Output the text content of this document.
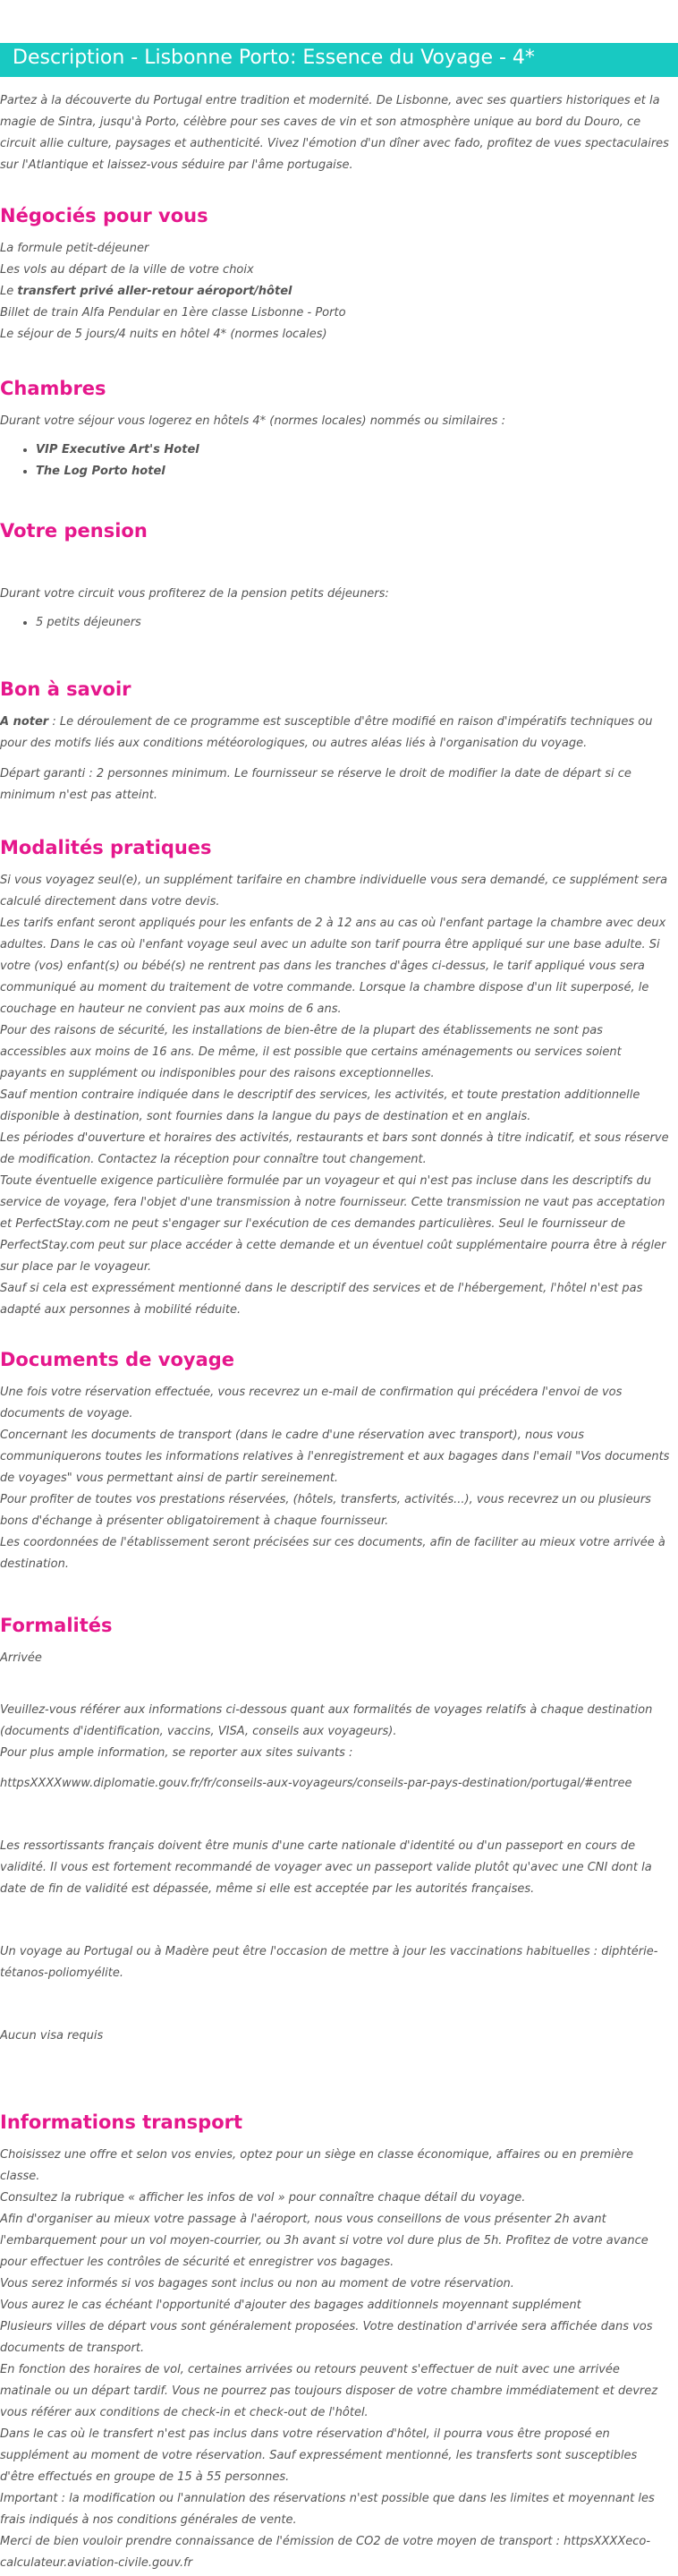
Description - Lisbonne Porto: Essence du Voyage - 4*

Partez à la découverte du Portugal entre tradition et modernité. De Lisbonne, avec ses quartiers historiques et la magie de Sintra, jusqu'à Porto, célèbre pour ses caves de vin et son atmosphère unique au bord du Douro, ce circuit allie culture, paysages et authenticité. Vivez l'émotion d'un dîner avec fado, profitez de vues spectaculaires sur l'Atlantique et laissez-vous séduire par l'âme portugaise.

Négociés pour vous
La formule petit-déjeuner
Les vols au départ de la ville de votre choix
Le transfert privé aller-retour aéroport/hôtel
Billet de train Alfa Pendular en 1ère classe Lisbonne - Porto
Le séjour de 5 jours/4 nuits en hôtel 4* (normes locales)
Chambres

Durant votre séjour vous logerez en hôtels 4* (normes locales) nommés ou similaires :

• VIP Executive Art's Hotel
• The Log Porto hotel
Votre pension

Durant votre circuit vous profiterez de la pension petits déjeuners:

• 5 petits déjeuners
Bon à savoir

A noter : Le déroulement de ce programme est susceptible d'être modifié en raison d'impératifs techniques ou pour des motifs liés aux conditions météorologiques, ou autres aléas liés à l'organisation du voyage.

Départ garanti : 2 personnes minimum. Le fournisseur se réserve le droit de modifier la date de départ si ce minimum n'est pas atteint.

Modalités pratiques

Si vous voyagez seul(e), un supplément tarifaire en chambre individuelle vous sera demandé, ce supplément sera calculé directement dans votre devis.

Les tarifs enfant seront appliqués pour les enfants de 2 à 12 ans au cas où l'enfant partage la chambre avec deux adultes. Dans le cas où l'enfant voyage seul avec un adulte son tarif pourra être appliqué sur une base adulte. Si votre (vos) enfant(s) ou bébé(s) ne rentrent pas dans les tranches d'âges ci-dessus, le tarif appliqué vous sera communiqué au moment du traitement de votre commande. Lorsque la chambre dispose d'un lit superposé, le couchage en hauteur ne convient pas aux moins de 6 ans.

Pour des raisons de sécurité, les installations de bien-être de la plupart des établissements ne sont pas accessibles aux moins de 16 ans. De même, il est possible que certains aménagements ou services soient payants en supplément ou indisponibles pour des raisons exceptionnelles.

Sauf mention contraire indiquée dans le descriptif des services, les activités, et toute prestation additionnelle disponible à destination, sont fournies dans la langue du pays de destination et en anglais.

Les périodes d'ouverture et horaires des activités, restaurants et bars sont donnés à titre indicatif, et sous réserve de modification. Contactez la réception pour connaître tout changement.

Toute éventuelle exigence particulière formulée par un voyageur et qui n'est pas incluse dans les descriptifs du service de voyage, fera l'objet d'une transmission à notre fournisseur. Cette transmission ne vaut pas acceptation et PerfectStay.com ne peut s'engager sur l'exécution de ces demandes particulières. Seul le fournisseur de PerfectStay.com peut sur place accéder à cette demande et un éventuel coût supplémentaire pourra être à régler sur place par le voyageur.

Sauf si cela est expressément mentionné dans le descriptif des services et de l'hébergement, l'hôtel n'est pas adapté aux personnes à mobilité réduite.

Documents de voyage

Une fois votre réservation effectuée, vous recevrez un e-mail de confirmation qui précédera l'envoi de vos documents de voyage.

Concernant les documents de transport (dans le cadre d'une réservation avec transport), nous vous communiquerons toutes les informations relatives à l'enregistrement et aux bagages dans l'email "Vos documents de voyages" vous permettant ainsi de partir sereinement.

Pour profiter de toutes vos prestations réservées, (hôtels, transferts, activités...), vous recevrez un ou plusieurs bons d'échange à présenter obligatoirement à chaque fournisseur.

Les coordonnées de l'établissement seront précisées sur ces documents, afin de faciliter au mieux votre arrivée à destination.

Formalités

Arrivée

Veuillez-vous référer aux informations ci-dessous quant aux formalités de voyages relatifs à chaque destination (documents d'identification, vaccins, VISA, conseils aux voyageurs).

Pour plus ample information, se reporter aux sites suivants :

httpsXXXXwww.diplomatie.gouv.fr/fr/conseils-aux-voyageurs/conseils-par-pays-destination/portugal/#entree

Les ressortissants français doivent être munis d'une carte nationale d'identité ou d'un passeport en cours de validité. Il vous est fortement recommandé de voyager avec un passeport valide plutôt qu'avec une CNI dont la date de fin de validité est dépassée, même si elle est acceptée par les autorités françaises.

Un voyage au Portugal ou à Madère peut être l'occasion de mettre à jour les vaccinations habituelles : diphtérie-tétanos-poliomyélite.

Aucun visa requis

Informations transport

Choisissez une offre et selon vos envies, optez pour un siège en classe économique, affaires ou en première classe.

Consultez la rubrique « afficher les infos de vol » pour connaître chaque détail du voyage.

Afin d'organiser au mieux votre passage à l'aéroport, nous vous conseillons de vous présenter 2h avant l'embarquement pour un vol moyen-courrier, ou 3h avant si votre vol dure plus de 5h. Profitez de votre avance pour effectuer les contrôles de sécurité et enregistrer vos bagages.

Vous serez informés si vos bagages sont inclus ou non au moment de votre réservation.

Vous aurez le cas échéant l'opportunité d'ajouter des bagages additionnels moyennant supplément

Plusieurs villes de départ vous sont généralement proposées. Votre destination d'arrivée sera affichée dans vos documents de transport.

En fonction des horaires de vol, certaines arrivées ou retours peuvent s'effectuer de nuit avec une arrivée matinale ou un départ tardif. Vous ne pourrez pas toujours disposer de votre chambre immédiatement et devrez vous référer aux conditions de check-in et check-out de l'hôtel.

Dans le cas où le transfert n'est pas inclus dans votre réservation d'hôtel, il pourra vous être proposé en supplément au moment de votre réservation. Sauf expressément mentionné, les transferts sont susceptibles d'être effectués en groupe de 15 à 55 personnes.

Important : la modification ou l'annulation des réservations n'est possible que dans les limites et moyennant les frais indiqués à nos conditions générales de vente.

Merci de bien vouloir prendre connaissance de l'émission de CO2 de votre moyen de transport : httpsXXXXeco-calculateur.aviation-civile.gouv.fr
